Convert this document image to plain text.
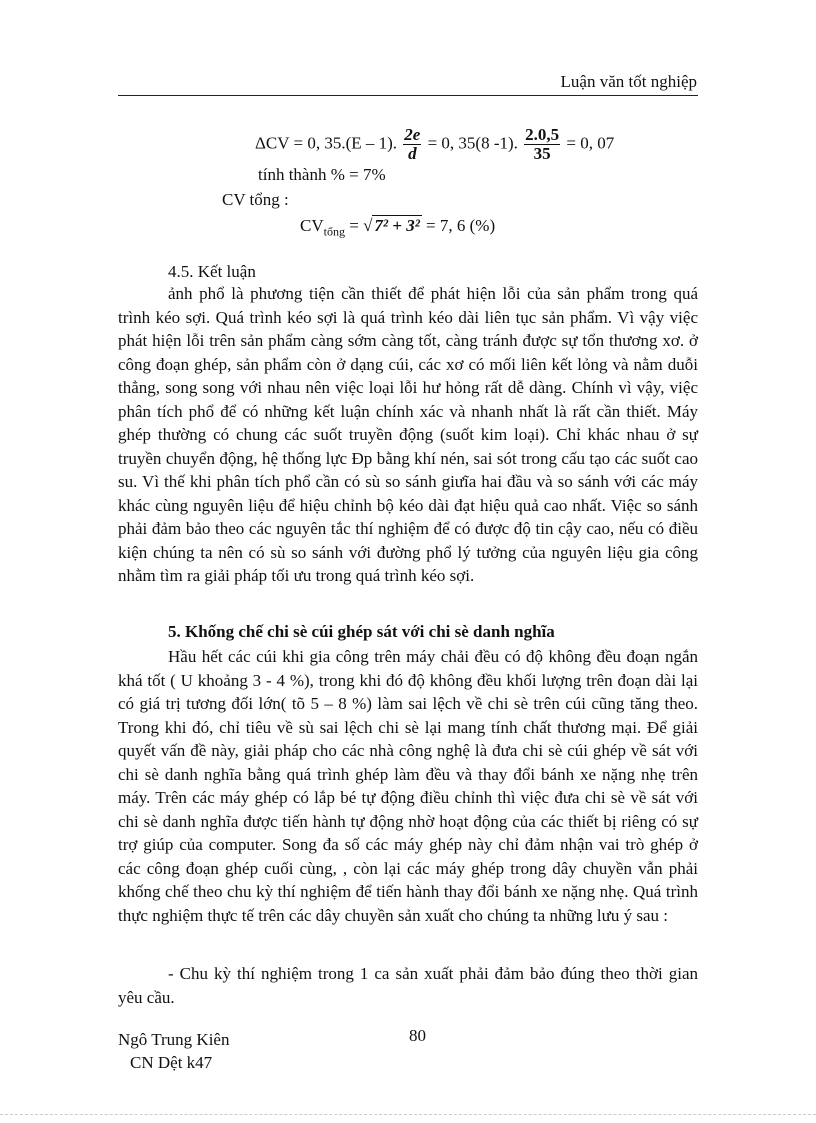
Luận văn tốt nghiệp
ΔCV = 0, 35.(E – 1). $\frac{2e}{d} = 0$, 35(8 -1). $\frac{2.0,5}{35} = 0$, 07
tính thành % = 7%
CV tổng :
$CV_{tổng}$ = √ 7² + 3² = 7, 6 (%)
4.5. Kết luận
ảnh phổ là phương tiện cần thiết để phát hiện lỗi của sản phẩm trong quá trình kéo sợi. Quá trình kéo sợi là quá trình kéo dài liên tục sản phẩm. Vì vậy việc phát hiện lỗi trên sản phẩm càng sớm càng tốt, càng tránh được sự tổn thương xơ. ở công đoạn ghép, sản phẩm còn ở dạng cúi, các xơ có mối liên kết lỏng và nằm duỗi thẳng, song song với nhau nên việc loại lỗi hư hỏng rất dễ dàng. Chính vì vậy, việc phân tích phổ để có những kết luận chính xác và nhanh nhất là rất cần thiết. Máy ghép thường có chung các suốt truyền động (suốt kim loại). Chỉ khác nhau ở sự truyền chuyển động, hệ thống lực Đp bằng khí nén, sai sót trong cấu tạo các suốt cao su. Vì thế khi phân tích phổ cần có sù so sánh giưĩa hai đầu và so sánh với các máy khác cùng nguyên liệu để hiệu chỉnh bộ kéo dài đạt hiệu quả cao nhất. Việc so sánh phải đảm bảo theo các nguyên tắc thí nghiệm để có được độ tin cậy cao, nếu có điều kiện chúng ta nên có sù so sánh với đường phổ lý tưởng của nguyên liệu gia công nhằm tìm ra giải pháp tối ưu trong quá trình kéo sợi.
5. Khống chế chi sè cúi ghép sát với chi sè danh nghĩa
Hầu hết các cúi khi gia công trên máy chải đều có độ không đều đoạn ngắn khá tốt ( U khoảng 3 - 4 %), trong khi đó độ không đều khối lượng trên đoạn dài lại có giá trị tương đối lớn( tõ 5 – 8 %) làm sai lệch về chi sè trên cúi cũng tăng theo. Trong khi đó, chỉ tiêu về sù sai lệch chi sè lại mang tính chất thương mại. Để giải quyết vấn đề này, giải pháp cho các nhà công nghệ là đưa chi sè cúi ghép về sát với chi sè danh nghĩa bằng quá trình ghép làm đều và thay đổi bánh xe nặng nhẹ trên máy. Trên các máy ghép có lắp bé tự động điều chỉnh thì việc đưa chi sè về sát với chi sè danh nghĩa được tiến hành tự động nhờ hoạt động của các thiết bị riêng có sự trợ giúp của computer. Song đa số các máy ghép này chỉ đảm nhận vai trò ghép ở các công đoạn ghép cuối cùng, , còn lại các máy ghép trong dây chuyền vẫn phải khống chế theo chu kỳ thí nghiệm để tiến hành thay đổi bánh xe nặng nhẹ. Quá trình thực nghiệm thực tế trên các dây chuyền sản xuất cho chúng ta những lưu ý sau :
- Chu kỳ thí nghiệm trong 1 ca sản xuất phải đảm bảo đúng theo thời gian yêu cầu.
Ngô Trung Kiên
CN Dệt k47
80
